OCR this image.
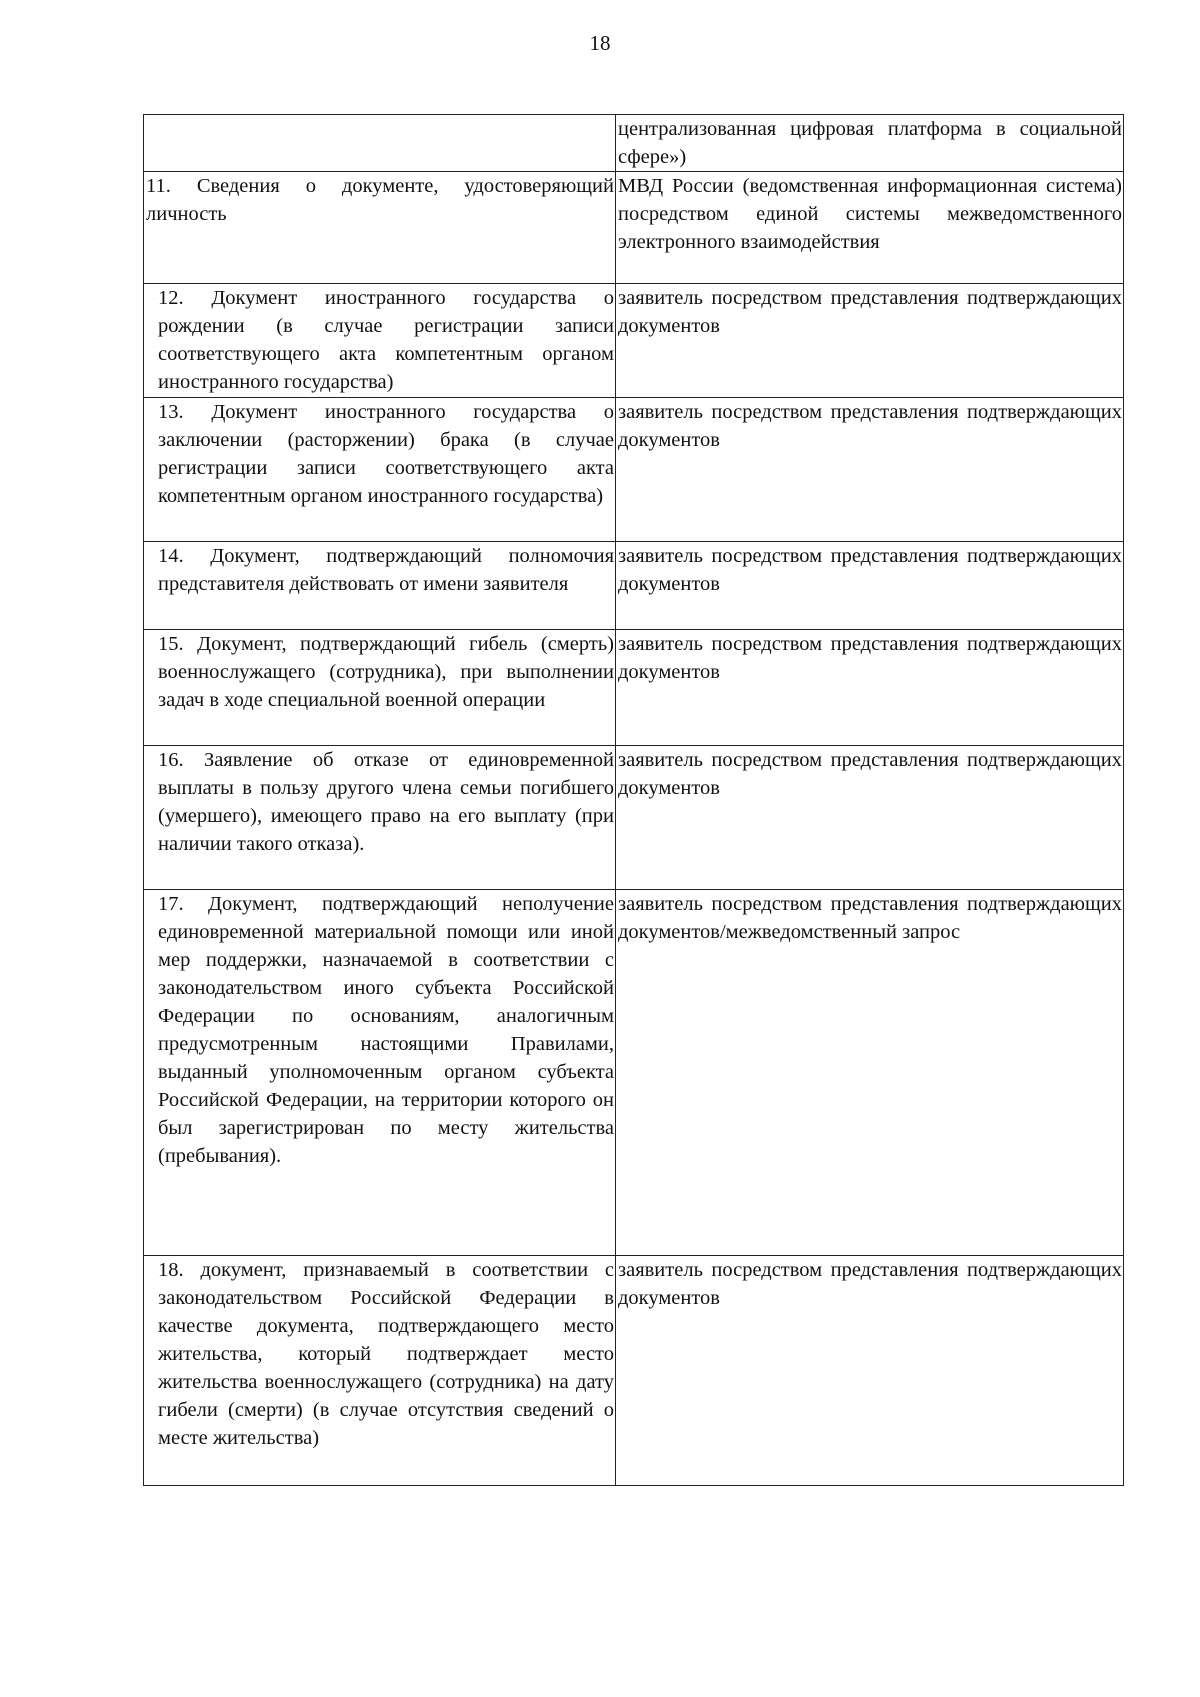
18
	централизованная цифровая платформа в социальной сфере»)
11. Сведения о документе, удостоверяющий личность	МВД России (ведомственная информационная система) посредством единой системы межведомственного электронного взаимодействия
12. Документ иностранного государства о рождении (в случае регистрации записи соответствующего акта компетентным органом иностранного государства)	заявитель посредством представления подтверждающих документов
13. Документ иностранного государства о заключении (расторжении) брака (в случае регистрации записи соответствующего акта компетентным органом иностранного государства)	заявитель посредством представления подтверждающих документов
14. Документ, подтверждающий полномочия представителя действовать от имени заявителя	заявитель посредством представления подтверждающих документов
15. Документ, подтверждающий гибель (смерть) военнослужащего (сотрудника), при выполнении задач в ходе специальной военной операции	заявитель посредством представления подтверждающих документов
16. Заявление об отказе от единовременной выплаты в пользу другого члена семьи погибшего (умершего), имеющего право на его выплату (при наличии такого отказа).	заявитель посредством представления подтверждающих документов
17. Документ, подтверждающий неполучение единовременной материальной помощи или иной мер поддержки, назначаемой в соответствии с законодательством иного субъекта Российской Федерации по основаниям, аналогичным предусмотренным настоящими Правилами, выданный уполномоченным органом субъекта Российской Федерации, на территории которого он был зарегистрирован по месту жительства (пребывания).	заявитель посредством представления подтверждающих документов/межведомственный запрос
18. документ, признаваемый в соответствии с законодательством Российской Федерации в качестве документа, подтверждающего место жительства, который подтверждает место жительства военнослужащего (сотрудника) на дату гибели (смерти) (в случае отсутствия сведений о месте жительства)	заявитель посредством представления подтверждающих документов
